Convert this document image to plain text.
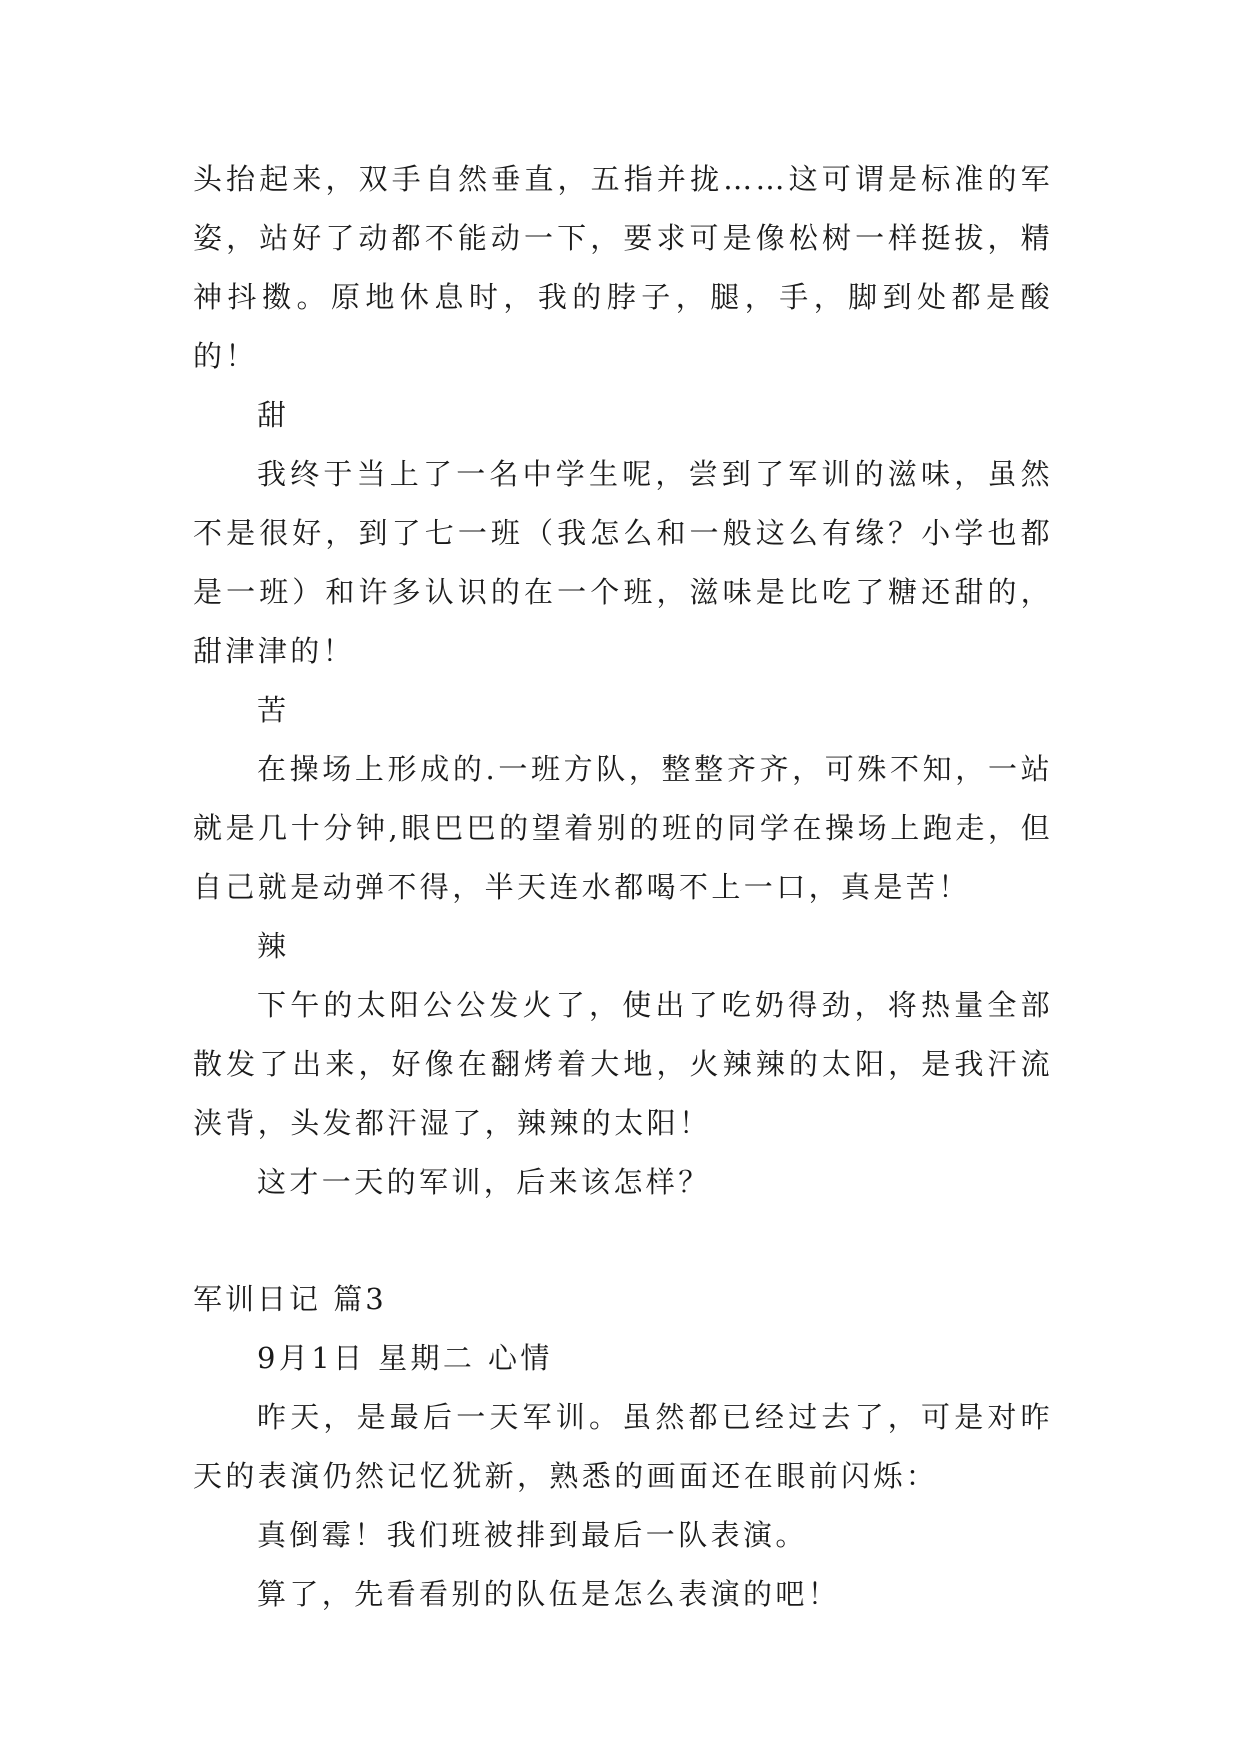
头抬起来，双手自然垂直，五指并拢……这可谓是标准的军姿，站好了动都不能动一下，要求可是像松树一样挺拔，精神抖擞。原地休息时，我的脖子，腿，手，脚到处都是酸的！

甜

我终于当上了一名中学生呢，尝到了军训的滋味，虽然不是很好，到了七一班（我怎么和一般这么有缘？小学也都是一班）和许多认识的在一个班，滋味是比吃了糖还甜的，甜津津的！

苦

在操场上形成的.一班方队，整整齐齐，可殊不知，一站就是几十分钟,眼巴巴的望着别的班的同学在操场上跑走，但自己就是动弹不得，半天连水都喝不上一口，真是苦！

辣

下午的太阳公公发火了，使出了吃奶得劲，将热量全部散发了出来，好像在翻烤着大地，火辣辣的太阳，是我汗流浃背，头发都汗湿了，辣辣的太阳！

这才一天的军训，后来该怎样？

军训日记 篇3

9月1日 星期二 心情

昨天，是最后一天军训。虽然都已经过去了，可是对昨天的表演仍然记忆犹新，熟悉的画面还在眼前闪烁：

真倒霉！我们班被排到最后一队表演。

算了，先看看别的队伍是怎么表演的吧！
